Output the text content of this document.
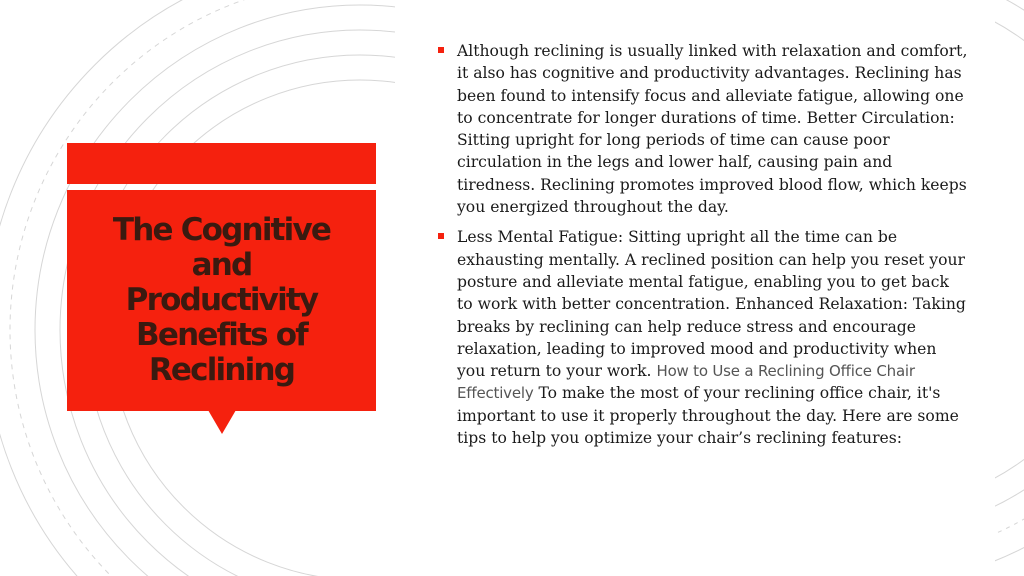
The Cognitive and Productivity Benefits of Reclining

Although reclining is usually linked with relaxation and comfort, it also has cognitive and productivity advantages. Reclining has been found to intensify focus and alleviate fatigue, allowing one to concentrate for longer durations of time. Better Circulation: Sitting upright for long periods of time can cause poor circulation in the legs and lower half, causing pain and tiredness. Reclining promotes improved blood flow, which keeps you energized throughout the day.

Less Mental Fatigue: Sitting upright all the time can be exhausting mentally. A reclined position can help you reset your posture and alleviate mental fatigue, enabling you to get back to work with better concentration. Enhanced Relaxation: Taking breaks by reclining can help reduce stress and encourage relaxation, leading to improved mood and productivity when you return to your work. How to Use a Reclining Office Chair Effectively To make the most of your reclining office chair, it's important to use it properly throughout the day. Here are some tips to help you optimize your chair’s reclining features:
